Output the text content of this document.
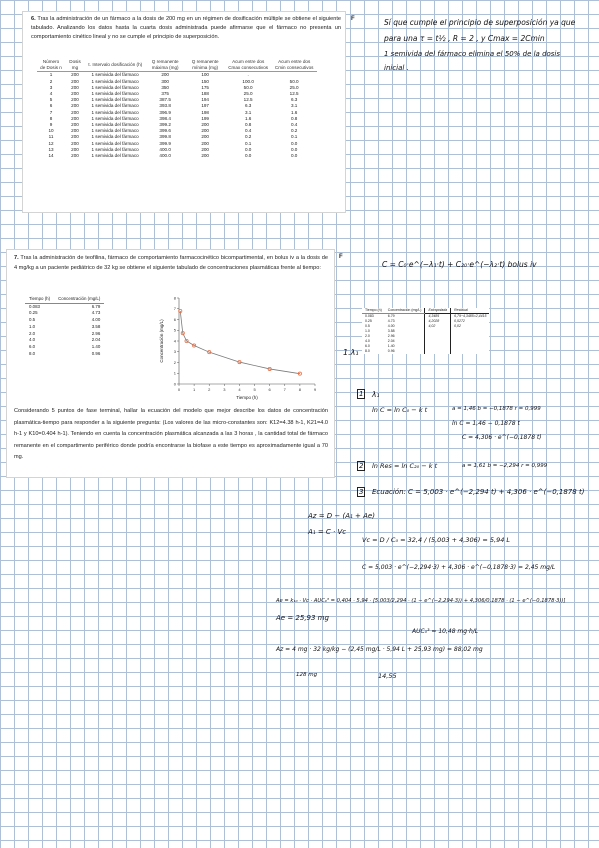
6. Tras la administración de un fármaco a la dosis de 200 mg en un régimen de dosificación múltiple se obtiene el siguiente tabulado. Analizando los datos hasta la cuarta dosis administrada puede afirmarse que el fármaco no presenta un comportamiento cinético lineal y no se cumple el principio de superposición.
Número de Dosis n	Dosis mg	τ. Intervalo dosificación (h)	Q remanente máxima (mg)	Q remanente mínima (mg)	Acum entre dos Cmax consecutivos	Acum entre dos Cmin consecutivos
1	200	1 semivida del fármaco	200	100	.	
2	200	1 semivida del fármaco	300	150	100.0	50.0
3	200	1 semivida del fármaco	350	175	50.0	25.0
4	200	1 semivida del fármaco	375	188	25.0	12.5
5	200	1 semivida del fármaco	387.5	194	12.5	6.3
6	200	1 semivida del fármaco	393.8	197	6.3	3.1
7	200	1 semivida del fármaco	396.9	198	3.1	1.6
8	200	1 semivida del fármaco	398.4	199	1.6	0.8
9	200	1 semivida del fármaco	399.2	200	0.8	0.4
10	200	1 semivida del fármaco	399.6	200	0.4	0.2
11	200	1 semivida del fármaco	399.8	200	0.2	0.1
12	200	1 semivida del fármaco	399.9	200	0.1	0.0
13	200	1 semivida del fármaco	400.0	200	0.0	0.0
14	200	1 semivida del fármaco	400.0	200	0.0	0.0
F	Sí que cumple el principio de superposición ya que
para una τ = t½ , R = 2 , y Cmax = 2Cmin
1 semivida del fármaco elimina el 50% de la dosis
inicial .
7. Tras la administración de teofilina, fármaco de comportamiento farmacocinético bicompartimental, en bolus iv a la dosis de 4 mg/kg a un paciente pediátrico de 32 kg se obtiene el siguiente tabulado de concentraciones plasmáticas frente al tiempo:
Tiempo (h)	Concentración (mg/L)
0.083	6.79
0.25	4.73
0.5	4.00
1.0	3.58
2.0	2.96
4.0	2.04
6.0	1.40
8.0	0.96
0	1	2	3	4	5	6	7	8	9
0
1
2
3
4
5
6
7
8
Tiempo (h)
Concentración (mg/L)
Considerando 5 puntos de fase terminal, hallar la ecuación del modelo que mejor describe los datos de concentración plasmática-tiempo para responder a la siguiente pregunta: (Los valores de las micro-constantes son: K12=4.38 h-1, K21=4.0 h-1 y K10=0.404 h-1). Teniendo en cuenta la concentración plasmática alcanzada a las 3 horas , la cantidad total de fármaco remanente en el compartimento periférico donde podría encontrarse la biofase a este tiempo es aproximadamente igual a 70 mg.
F
C = C₀·e^(−λ₁·t) + C₂₀·e^(−λ₂·t) bolus iv
1.λ₁
Tiempo (h)	Concentración (mg/L)	Extrapolada	Residual
0.083	6.79	4,3485	6,79−4,3485=2,4415
0.25	4.73	4,2028	0,5272
0.5	4.00	4,02	0,02
1.0	3.58		
2.0	2.96		
4.0	2.04		
6.0	1.40		
8.0	0.96		
1 λ₁
ln C = ln C₀ − k t	a = 1,46 b = −0,1878 r = 0,999
ln C = 1,46 − 0,1878 t
C = 4,306 · e^(−0,1878 t)
2	ln Res = ln C₂₀ − k t	a = 1,61 b = −2,294 r = 0,999
3 Ecuación: C = 5,003 · e^(−2,294 t) + 4,306 · e^(−0,1878 t)
Az = D − (A₁ + Ae)
A₁ = C · Vc
Vc = D / C₀ = 32,4 / (5,003 + 4,306) = 5,94 L
C = 5,003 · e^(−2,294·3) + 4,306 · e^(−0,1878·3) = 2,45 mg/L
Ae = k₁₀ · Vc · AUC₀³ = 0,404 · 5,94 · [5,003/2,294 · (1 − e^(−2,294·3)) + 4,306/0,1878 · (1 − e^(−0,1878·3))]
Ae = 25,93 mg
AUC₀³ = 10,48 mg·h/L
Az = 4 mg · 32 kg/kg − (2,45 mg/L · 5,94 L + 25,93 mg) = 88,02 mg
128 mg	14,55
